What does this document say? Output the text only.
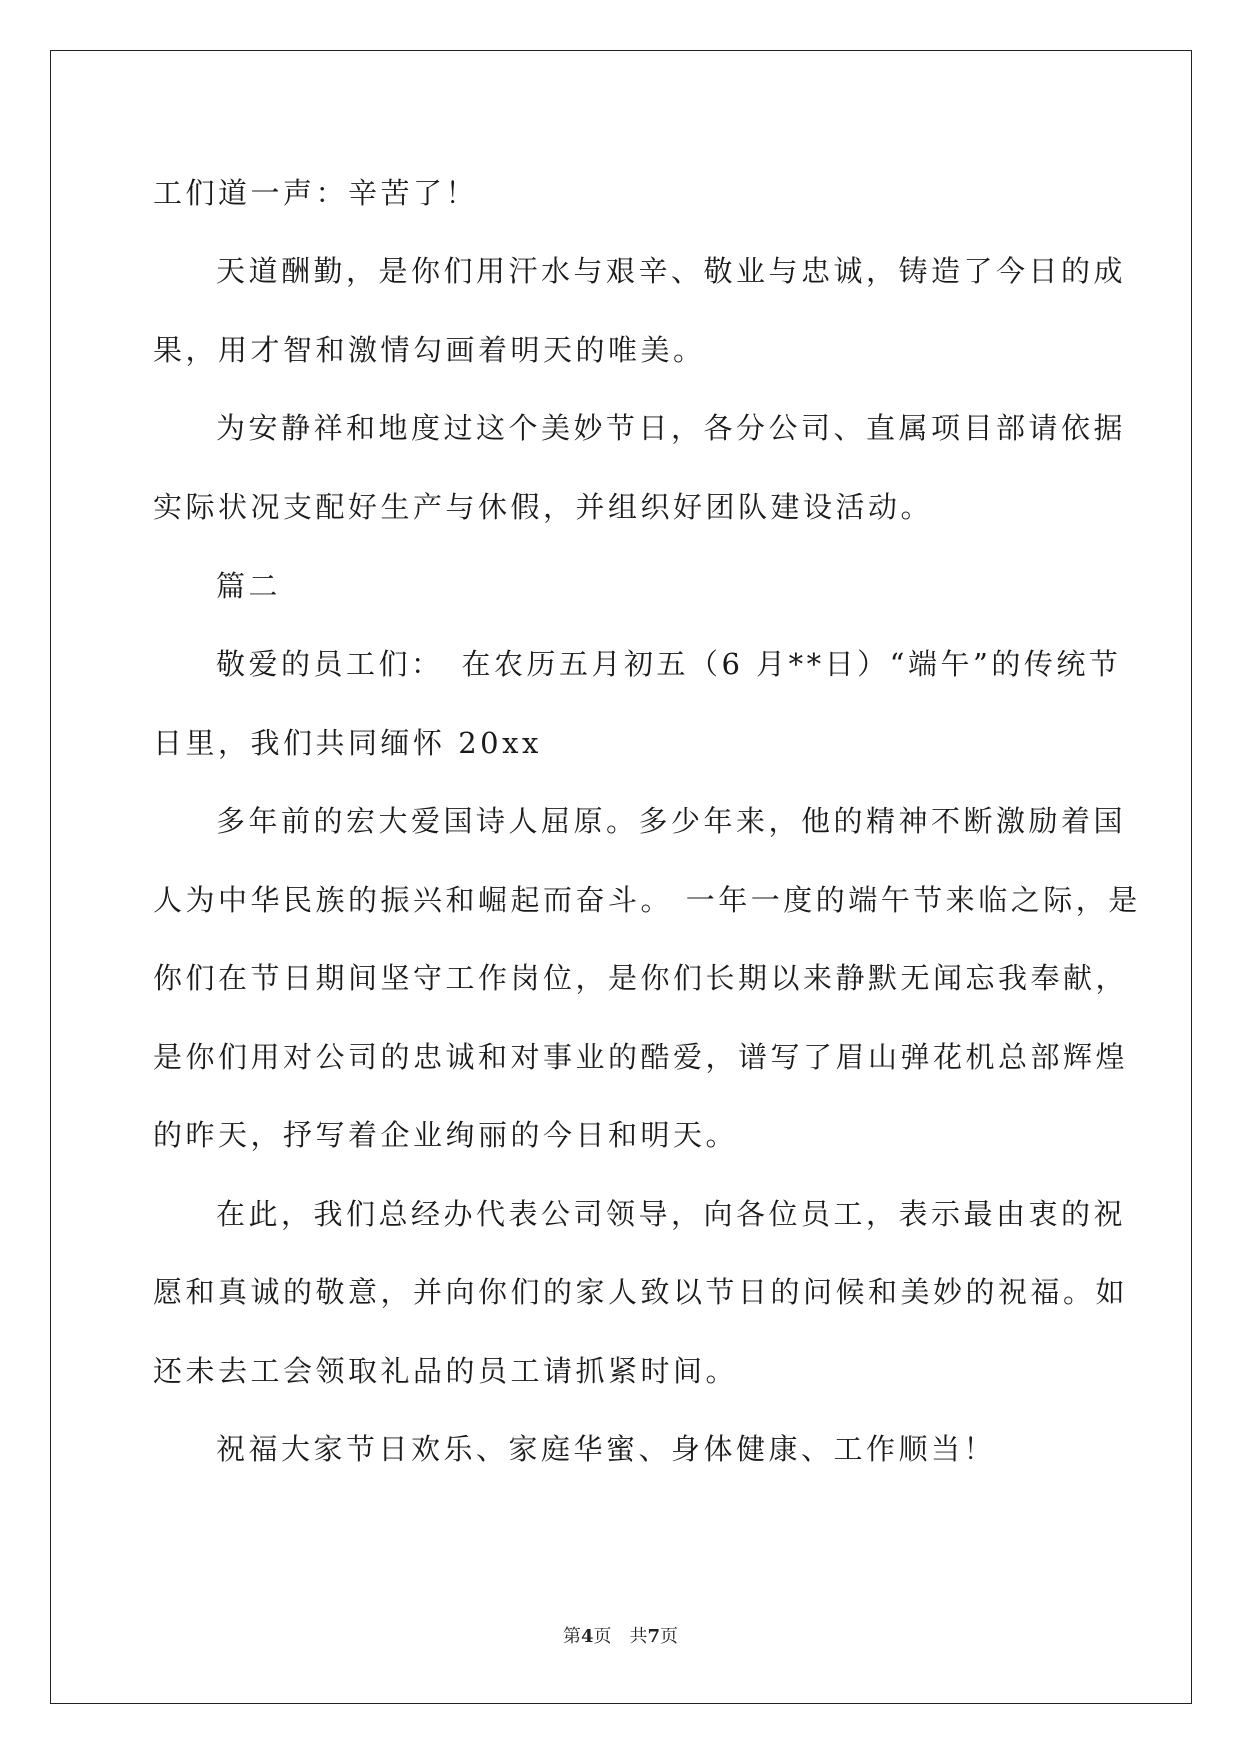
工们道一声：辛苦了！
天道酬勤，是你们用汗水与艰辛、敬业与忠诚，铸造了今日的成
果，用才智和激情勾画着明天的唯美。
为安静祥和地度过这个美妙节日，各分公司、直属项目部请依据
实际状况支配好生产与休假，并组织好团队建设活动。
篇二
敬爱的员工们：　在农历五月初五（6 月**日）“端午”的传统节
日里，我们共同缅怀 20xx
多年前的宏大爱国诗人屈原。多少年来，他的精神不断激励着国
人为中华民族的振兴和崛起而奋斗。 一年一度的端午节来临之际，是
你们在节日期间坚守工作岗位，是你们长期以来静默无闻忘我奉献，
是你们用对公司的忠诚和对事业的酷爱，谱写了眉山弹花机总部辉煌
的昨天，抒写着企业绚丽的今日和明天。
在此，我们总经办代表公司领导，向各位员工，表示最由衷的祝
愿和真诚的敬意，并向你们的家人致以节日的问候和美妙的祝福。如
还未去工会领取礼品的员工请抓紧时间。
祝福大家节日欢乐、家庭华蜜、身体健康、工作顺当！
第4页　共7页
